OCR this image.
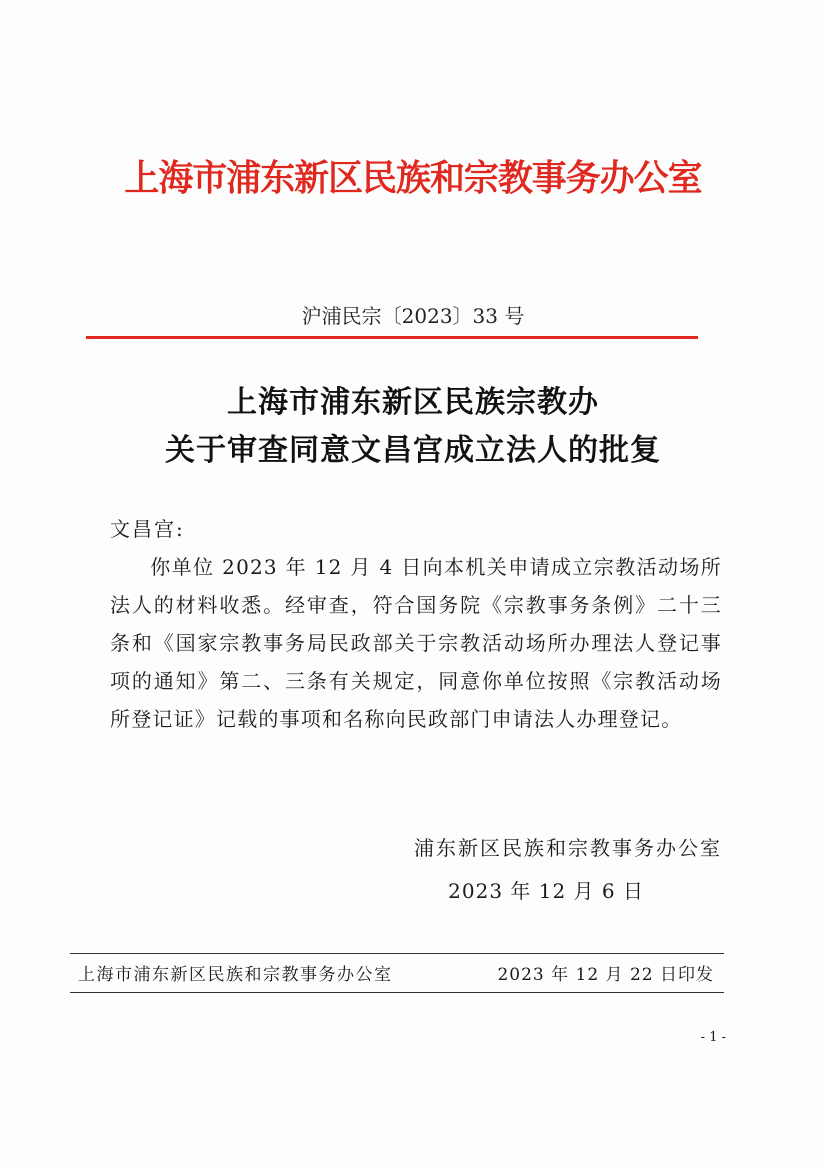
上海市浦东新区民族和宗教事务办公室
沪浦民宗〔2023〕33 号
上海市浦东新区民族宗教办
关于审查同意文昌宫成立法人的批复
文昌宫:
你单位 2023 年 12 月 4 日向本机关申请成立宗教活动场所法人的材料收悉。经审查，符合国务院《宗教事务条例》二十三条和《国家宗教事务局民政部关于宗教活动场所办理法人登记事项的通知》第二、三条有关规定，同意你单位按照《宗教活动场所登记证》记载的事项和名称向民政部门申请法人办理登记。
浦东新区民族和宗教事务办公室
2023 年 12 月 6 日
上海市浦东新区民族和宗教事务办公室	2023 年 12 月 22 日印发
- 1 -
